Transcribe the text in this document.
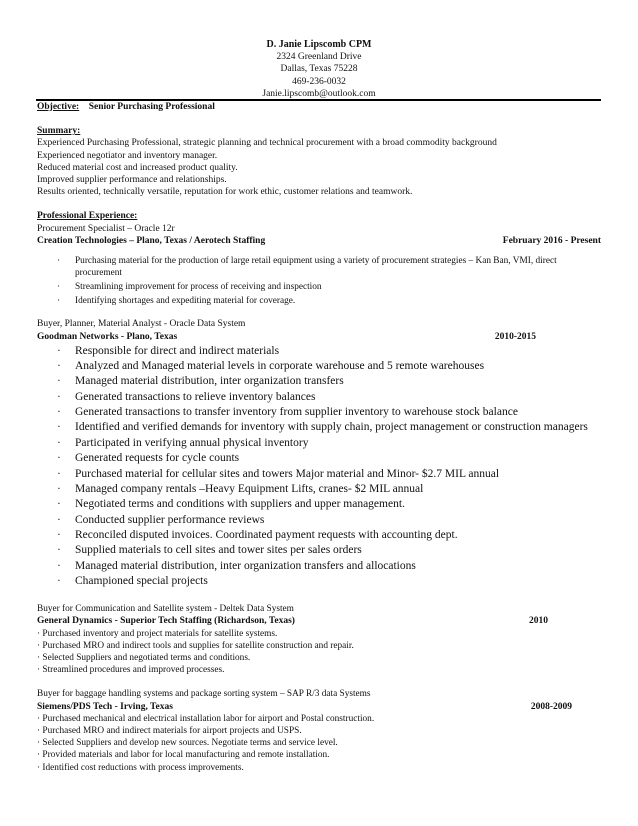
D. Janie Lipscomb CPM
2324 Greenland Drive
Dallas, Texas 75228
469-236-0032
Janie.lipscomb@outlook.com
Objective: Senior Purchasing Professional
Summary:
Experienced Purchasing Professional, strategic planning and technical procurement with a broad commodity background
Experienced negotiator and inventory manager.
Reduced material cost and increased product quality.
Improved supplier performance and relationships.
Results oriented, technically versatile, reputation for work ethic, customer relations and teamwork.
Professional Experience:
Procurement Specialist – Oracle 12r
Creation Technologies – Plano, Texas / Aerotech Staffing	February 2016 - Present
·	Purchasing material for the production of large retail equipment using a variety of procurement strategies – Kan Ban, VMI, direct procurement
·	Streamlining improvement for process of receiving and inspection
·	Identifying shortages and expediting material for coverage.
Buyer, Planner, Material Analyst - Oracle Data System
Goodman Networks - Plano, Texas	2010-2015
·	Responsible for direct and indirect materials
·	Analyzed and Managed material levels in corporate warehouse and 5 remote warehouses
·	Managed material distribution, inter organization transfers
·	Generated transactions to relieve inventory balances
·	Generated transactions to transfer inventory from supplier inventory to warehouse stock balance
·	Identified and verified demands for inventory with supply chain, project management or construction managers
·	Participated in verifying annual physical inventory
·	Generated requests for cycle counts
·	Purchased material for cellular sites and towers Major material and Minor- $2.7 MIL annual
·	Managed company rentals –Heavy Equipment Lifts, cranes- $2 MIL annual
·	Negotiated terms and conditions with suppliers and upper management.
·	Conducted supplier performance reviews
·	Reconciled disputed invoices. Coordinated payment requests with accounting dept.
·	Supplied materials to cell sites and tower sites per sales orders
·	Managed material distribution, inter organization transfers and allocations
·	Championed special projects
Buyer for Communication and Satellite system - Deltek Data System
General Dynamics - Superior Tech Staffing (Richardson, Texas)	2010
· Purchased inventory and project materials for satellite systems.
· Purchased MRO and indirect tools and supplies for satellite construction and repair.
· Selected Suppliers and negotiated terms and conditions.
· Streamlined procedures and improved processes.
Buyer for baggage handling systems and package sorting system – SAP R/3 data Systems
Siemens/PDS Tech - Irving, Texas	2008-2009
· Purchased mechanical and electrical installation labor for airport and Postal construction.
· Purchased MRO and indirect materials for airport projects and USPS.
· Selected Suppliers and develop new sources. Negotiate terms and service level.
· Provided materials and labor for local manufacturing and remote installation.
· Identified cost reductions with process improvements.
